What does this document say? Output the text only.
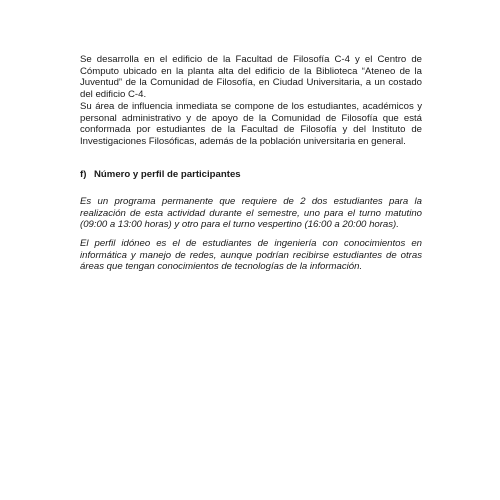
Se desarrolla en el edificio de la Facultad de Filosofía C-4 y el Centro de Cómputo ubicado en la planta alta del edificio de la Biblioteca “Ateneo de la Juventud” de la Comunidad de Filosofía, en Ciudad Universitaria, a un costado del edificio C-4.

Su área de influencia inmediata se compone de los estudiantes, académicos y personal administrativo y de apoyo de la Comunidad de Filosofía que está conformada por estudiantes de la Facultad de Filosofía y del Instituto de Investigaciones Filosóficas, además de la población universitaria en general.

f) Número y perfil de participantes

Es un programa permanente que requiere de 2 dos estudiantes para la realización de esta actividad durante el semestre, uno para el turno matutino (09:00 a 13:00 horas) y otro para el turno vespertino (16:00 a 20:00 horas).

El perfil idóneo es el de estudiantes de ingeniería con conocimientos en informática y manejo de redes, aunque podrían recibirse estudiantes de otras áreas que tengan conocimientos de tecnologías de la información.
